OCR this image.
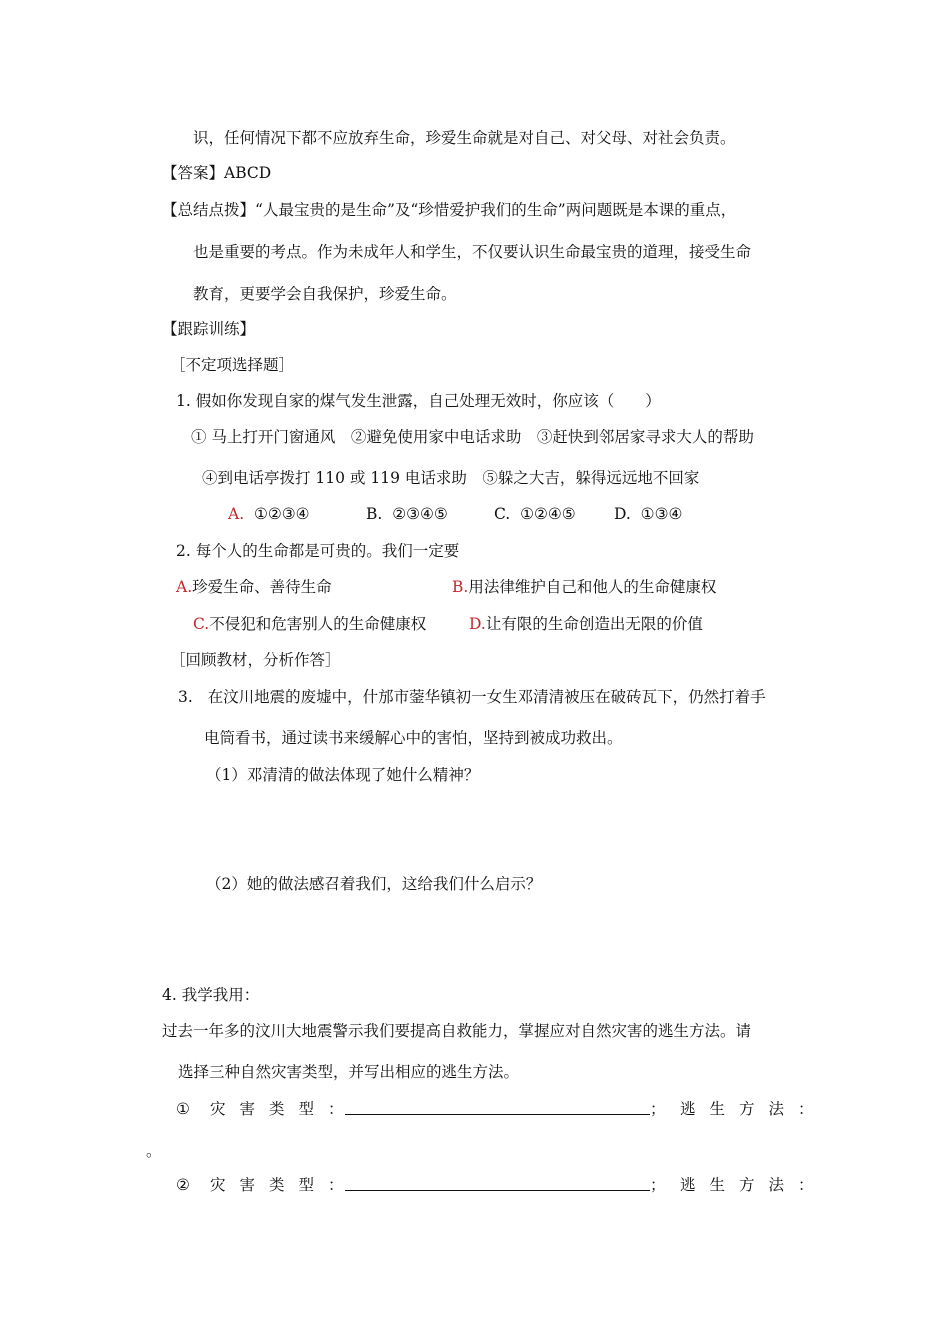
识，任何情况下都不应放弃生命，珍爱生命就是对自己、对父母、对社会负责。
【答案】ABCD
【总结点拨】“人最宝贵的是生命”及“珍惜爱护我们的生命”两问题既是本课的重点，
也是重要的考点。作为未成年人和学生，不仅要认识生命最宝贵的道理，接受生命
教育，更要学会自我保护，珍爱生命。
【跟踪训练】
［不定项选择题］
1. 假如你发现自家的煤气发生泄露，自己处理无效时，你应该（　　）
① 马上打开门窗通风　②避免使用家中电话求助　③赶快到邻居家寻求大人的帮助
④到电话亭拨打 110 或 119 电话求助　⑤躲之大吉，躲得远远地不回家
A. ①②③④	B. ②③④⑤	C. ①②④⑤ D. ①③④
2. 每个人的生命都是可贵的。我们一定要
A.珍爱生命、善待生命	B.用法律维护自己和他人的生命健康权
C.不侵犯和危害别人的生命健康权	D.让有限的生命创造出无限的价值
［回顾教材，分析作答］
3. 在汶川地震的废墟中，什邡市蓥华镇初一女生邓清清被压在破砖瓦下，仍然打着手
电筒看书，通过读书来缓解心中的害怕，坚持到被成功救出。
（1）邓清清的做法体现了她什么精神？
（2）她的做法感召着我们，这给我们什么启示？
4. 我学我用：
过去一年多的汶川大地震警示我们要提高自救能力，掌握应对自然灾害的逃生方法。请
选择三种自然灾害类型，并写出相应的逃生方法。
① 灾害类型：	； 逃生方法：
。
② 灾害类型：	； 逃生方法：
